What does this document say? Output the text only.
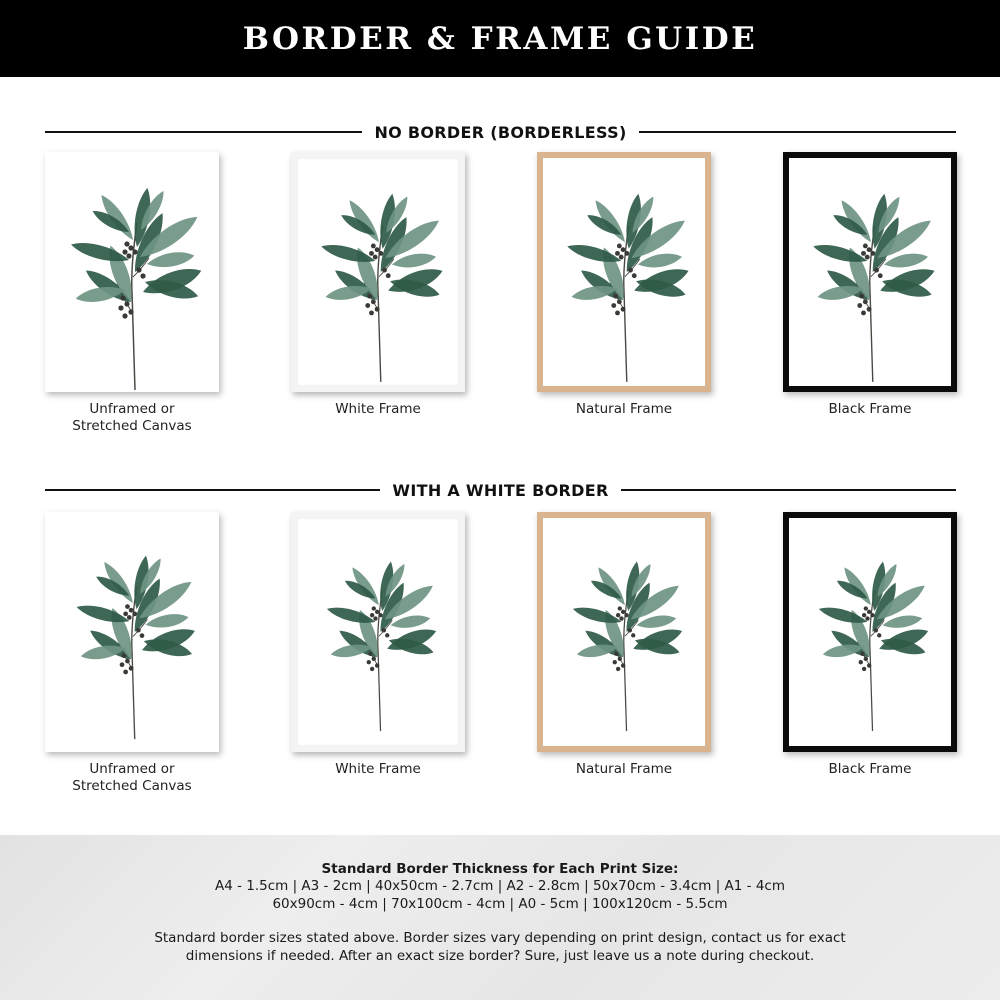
BORDER & FRAME GUIDE
NO BORDER (BORDERLESS)
Unframed or
Stretched Canvas
White Frame	Natural Frame	Black Frame
WITH A WHITE BORDER
Unframed or
Stretched Canvas
White Frame	Natural Frame	Black Frame
Standard Border Thickness for Each Print Size:
A4 - 1.5cm | A3 - 2cm | 40x50cm - 2.7cm | A2 - 2.8cm | 50x70cm - 3.4cm | A1 - 4cm
60x90cm - 4cm | 70x100cm - 4cm | A0 - 5cm | 100x120cm - 5.5cm
Standard border sizes stated above. Border sizes vary depending on print design, contact us for exact dimensions if needed. After an exact size border? Sure, just leave us a note during checkout.
